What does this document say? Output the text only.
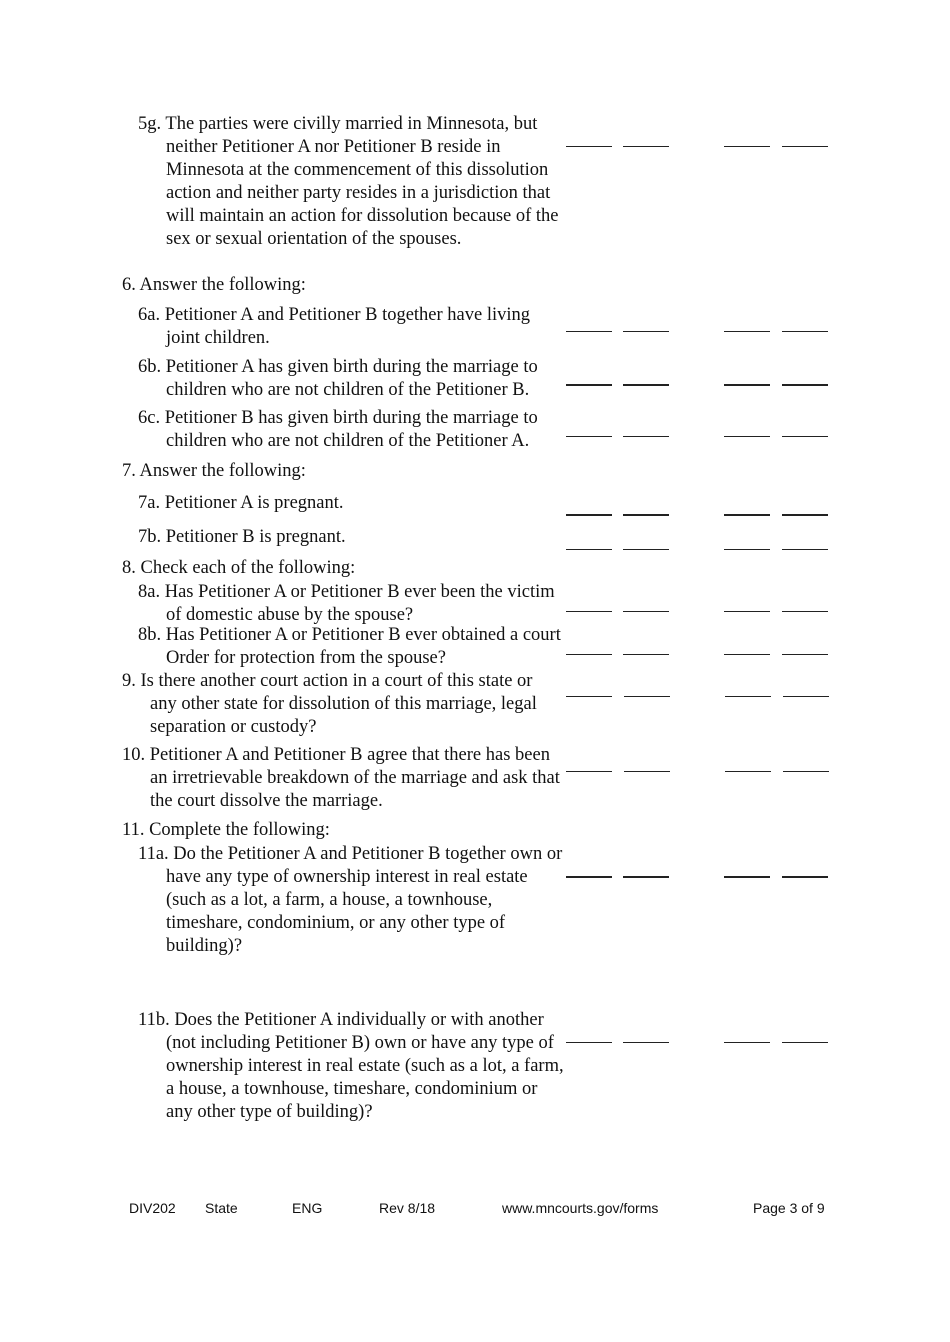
5g. The parties were civilly married in Minnesota, but neither Petitioner A nor Petitioner B reside in Minnesota at the commencement of this dissolution action and neither party resides in a jurisdiction that will maintain an action for dissolution because of the sex or sexual orientation of the spouses.

6. Answer the following:

6a. Petitioner A and Petitioner B together have living joint children.

6b. Petitioner A has given birth during the marriage to children who are not children of the Petitioner B.

6c. Petitioner B has given birth during the marriage to children who are not children of the Petitioner A.

7. Answer the following:

7a. Petitioner A is pregnant.

7b. Petitioner B is pregnant.

8. Check each of the following:

8a. Has Petitioner A or Petitioner B ever been the victim of domestic abuse by the spouse?

8b. Has Petitioner A or Petitioner B ever obtained a court Order for protection from the spouse?

9. Is there another court action in a court of this state or any other state for dissolution of this marriage, legal separation or custody?

10. Petitioner A and Petitioner B agree that there has been an irretrievable breakdown of the marriage and ask that the court dissolve the marriage.

11. Complete the following:

11a. Do the Petitioner A and Petitioner B together own or have any type of ownership interest in real estate (such as a lot, a farm, a house, a townhouse, timeshare, condominium, or any other type of building)?

11b. Does the Petitioner A individually or with another (not including Petitioner B) own or have any type of ownership interest in real estate (such as a lot, a farm, a house, a townhouse, timeshare, condominium or any other type of building)?

DIV202 State	ENG	Rev 8/18	www.mncourts.gov/forms	Page 3 of 9
